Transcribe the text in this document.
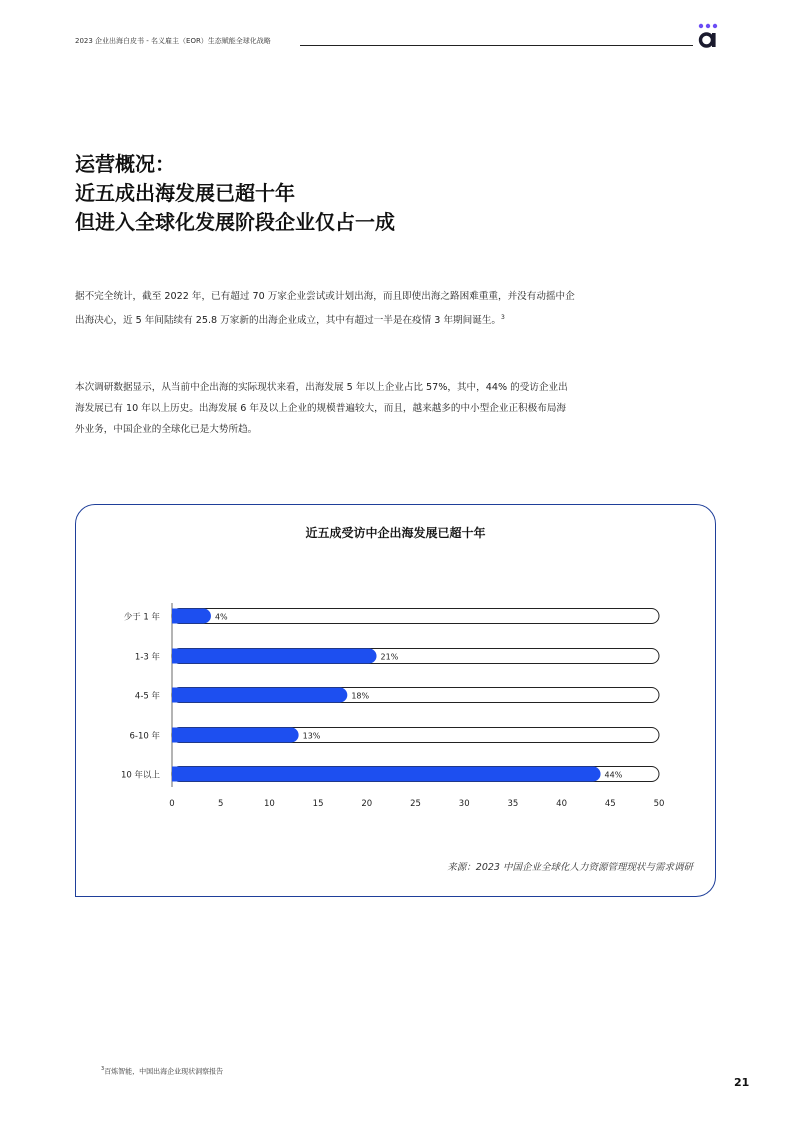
2023 企业出海白皮书 - 名义雇主（EOR）生态赋能全球化战略
运营概况：
近五成出海发展已超十年
但进入全球化发展阶段企业仅占一成
据不完全统计，截至 2022 年，已有超过 70 万家企业尝试或计划出海，而且即使出海之路困难重重，并没有动摇中企出海决心，近 5 年间陆续有 25.8 万家新的出海企业成立，其中有超过一半是在疫情 3 年期间诞生。$^3$
本次调研数据显示，从当前中企出海的实际现状来看，出海发展 5 年以上企业占比 57%，其中，44% 的受访企业出海发展已有 10 年以上历史。出海发展 6 年及以上企业的规模普遍较大，而且，越来越多的中小型企业正积极布局海外业务，中国企业的全球化已是大势所趋。
近五成受访中企出海发展已超十年
少于 1 年	4%
1-3 年	21%
4-5 年	18%
6-10 年	13%
10 年以上	44%
0	5	10	15	20	25	30	35	40	45	50
来源：2023 中国企业全球化人力资源管理现状与需求调研
$^3$百炼智能，中国出海企业现状洞察报告
21
